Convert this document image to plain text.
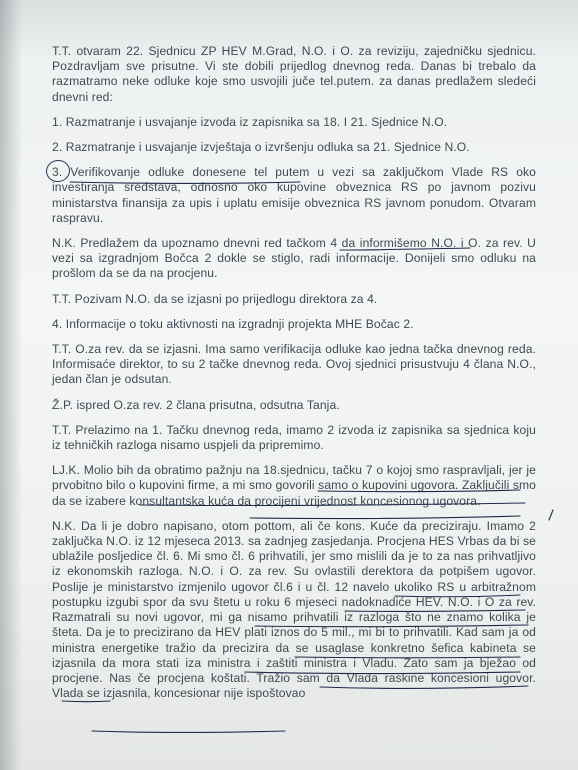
T.T. otvaram 22. Sjednicu ZP HEV M.Grad, N.O. i O. za reviziju, zajedničku sjednicu. Pozdravljam sve prisutne. Vi ste dobili prijedlog dnevnog reda. Danas bi trebalo da razmatramo neke odluke koje smo usvojili juče tel.putem. za danas predlažem sledeći dnevni red:

1. Razmatranje i usvajanje izvoda iz zapisnika sa 18. I 21. Sjednice N.O.

2. Razmatranje i usvajanje izvještaja o izvršenju odluka sa 21. Sjednice N.O.

3. Verifikovanje odluke donesene tel putem u vezi sa zaključkom Vlade RS oko investiranja sredstava, odnosno oko kupovine obveznica RS po javnom pozivu ministarstva finansija za upis i uplatu emisije obveznica RS javnom ponudom. Otvaram raspravu.

N.K. Predlažem da upoznamo dnevni red tačkom 4 da informišemo N.O. i O. za rev. U vezi sa izgradnjom Bočca 2 dokle se stiglo, radi informacije. Donijeli smo odluku na prošlom da se da na procjenu.

T.T. Pozivam N.O. da se izjasni po prijedlogu direktora za 4.

4. Informacije o toku aktivnosti na izgradnji projekta MHE Bočac 2.

T.T. O.za rev. da se izjasni. Ima samo verifikacija odluke kao jedna tačka dnevnog reda. Informisaće direktor, to su 2 tačke dnevnog reda. Ovoj sjednici prisustvuju 4 člana N.O., jedan član je odsutan.

Ž.P. ispred O.za rev. 2 člana prisutna, odsutna Tanja.

T.T. Prelazimo na 1. Tačku dnevnog reda, imamo 2 izvoda iz zapisnika sa sjednica koju iz tehničkih razloga nisamo uspjeli da pripremimo.

LJ.K. Molio bih da obratimo pažnju na 18.sjednicu, tačku 7 o kojoj smo raspravljali, jer je prvobitno bilo o kupovini firme, a mi smo govorili samo o kupovini ugovora. Zaključili smo da se izabere konsultantska kuća da procijeni vrijednost koncesionog ugovora.

N.K. Da li je dobro napisano, otom pottom, ali če kons. Kuće da preciziraju. Imamo 2 zaključka N.O. iz 12 mjeseca 2013. sa zadnjeg zasjedanja. Procjena HES Vrbas da bi se ublažile posljedice čl. 6. Mi smo čl. 6 prihvatili, jer smo mislili da je to za nas prihvatljivo iz ekonomskih razloga. N.O. i O. za rev. Su ovlastili derektora da potpišem ugovor. Poslije je ministarstvo izmjenilo ugovor čl.6 i u čl. 12 navelo ukoliko RS u arbitražnom postupku izgubi spor da svu štetu u roku 6 mjeseci nadoknadiće HEV. N.O. i O za rev. Razmatrali su novi ugovor, mi ga nisamo prihvatili iz razloga što ne znamo kolika je šteta. Da je to precizirano da HEV plati iznos do 5 mil., mi bi to prihvatili. Kad sam ja od ministra energetike tražio da precizira da se usaglase konkretno šefica kabineta se izjasnila da mora stati iza ministra i zaštiti ministra i Vladu. Zato sam ja bježao od procjene. Nas če procjena koštati. Tražio sam da Vlada raskine koncesioni ugovor. Vlada se izjasnila, koncesionar nije ispoštovao
